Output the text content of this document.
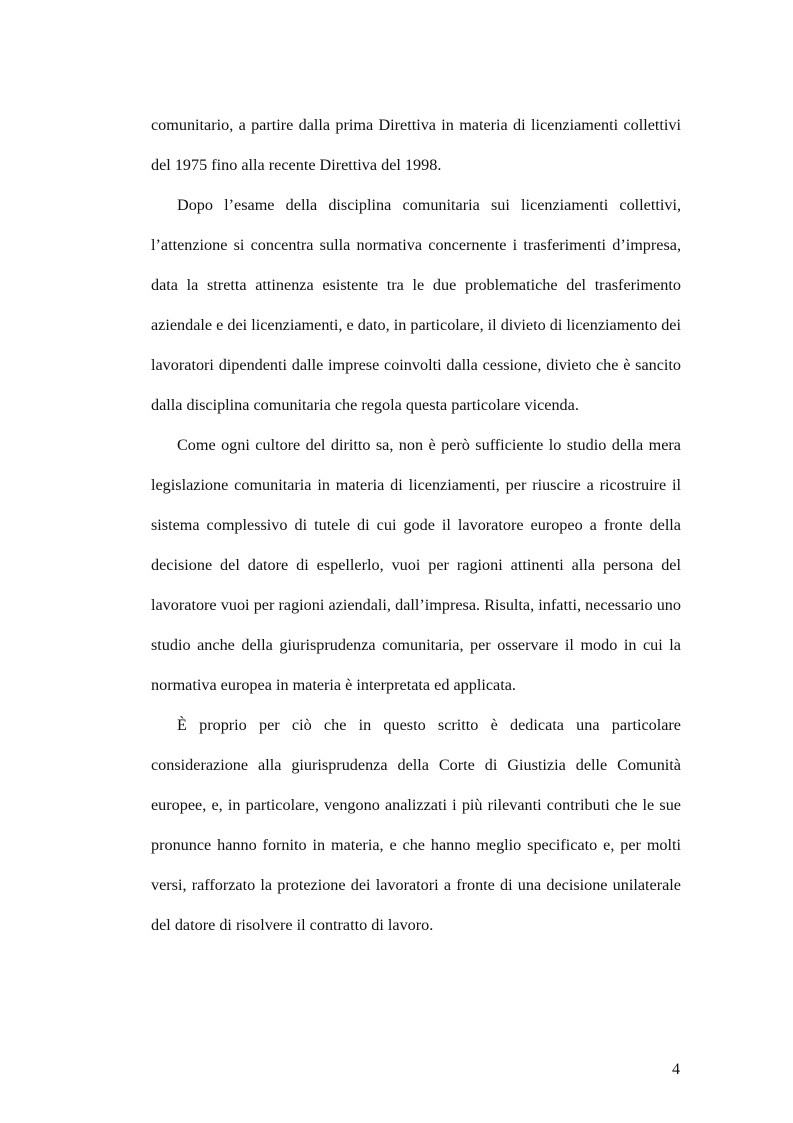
comunitario, a partire dalla prima Direttiva in materia di licenziamenti collettivi del 1975 fino alla recente Direttiva del 1998.

Dopo l’esame della disciplina comunitaria sui licenziamenti collettivi, l’attenzione si concentra sulla normativa concernente i trasferimenti d’impresa, data la stretta attinenza esistente tra le due problematiche del trasferimento aziendale e dei licenziamenti, e dato, in particolare, il divieto di licenziamento dei lavoratori dipendenti dalle imprese coinvolti dalla cessione, divieto che è sancito dalla disciplina comunitaria che regola questa particolare vicenda.

Come ogni cultore del diritto sa, non è però sufficiente lo studio della mera legislazione comunitaria in materia di licenziamenti, per riuscire a ricostruire il sistema complessivo di tutele di cui gode il lavoratore europeo a fronte della decisione del datore di espellerlo, vuoi per ragioni attinenti alla persona del lavoratore vuoi per ragioni aziendali, dall’impresa. Risulta, infatti, necessario uno studio anche della giurisprudenza comunitaria, per osservare il modo in cui la normativa europea in materia è interpretata ed applicata.

È proprio per ciò che in questo scritto è dedicata una particolare considerazione alla giurisprudenza della Corte di Giustizia delle Comunità europee, e, in particolare, vengono analizzati i più rilevanti contributi che le sue pronunce hanno fornito in materia, e che hanno meglio specificato e, per molti versi, rafforzato la protezione dei lavoratori a fronte di una decisione unilaterale del datore di risolvere il contratto di lavoro.

4
